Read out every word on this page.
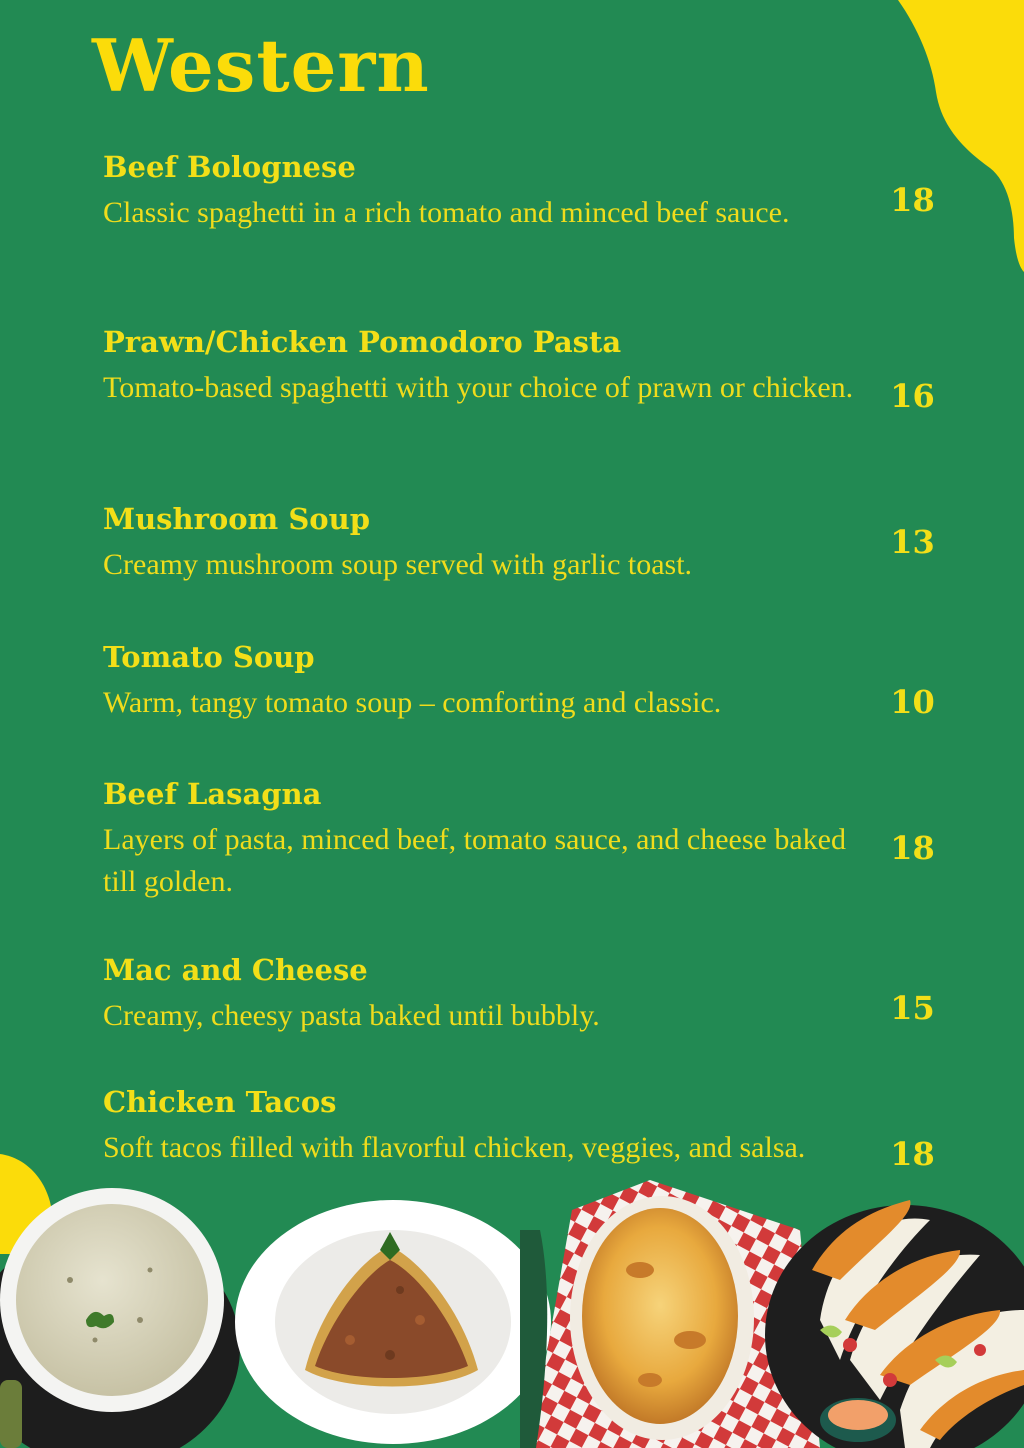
Western

Beef Bolognese

Classic spaghetti in a rich tomato and minced beef sauce.	18

Prawn/Chicken Pomodoro Pasta

Tomato-based spaghetti with your choice of prawn or chicken.	16

Mushroom Soup

Creamy mushroom soup served with garlic toast.

13

Tomato Soup

Warm, tangy tomato soup – comforting and classic.	10

Beef Lasagna

Layers of pasta, minced beef, tomato sauce, and cheese baked till golden.

18

Mac and Cheese

Creamy, cheesy pasta baked until bubbly.	15

Chicken Tacos

Soft tacos filled with flavorful chicken, veggies, and salsa.	18
